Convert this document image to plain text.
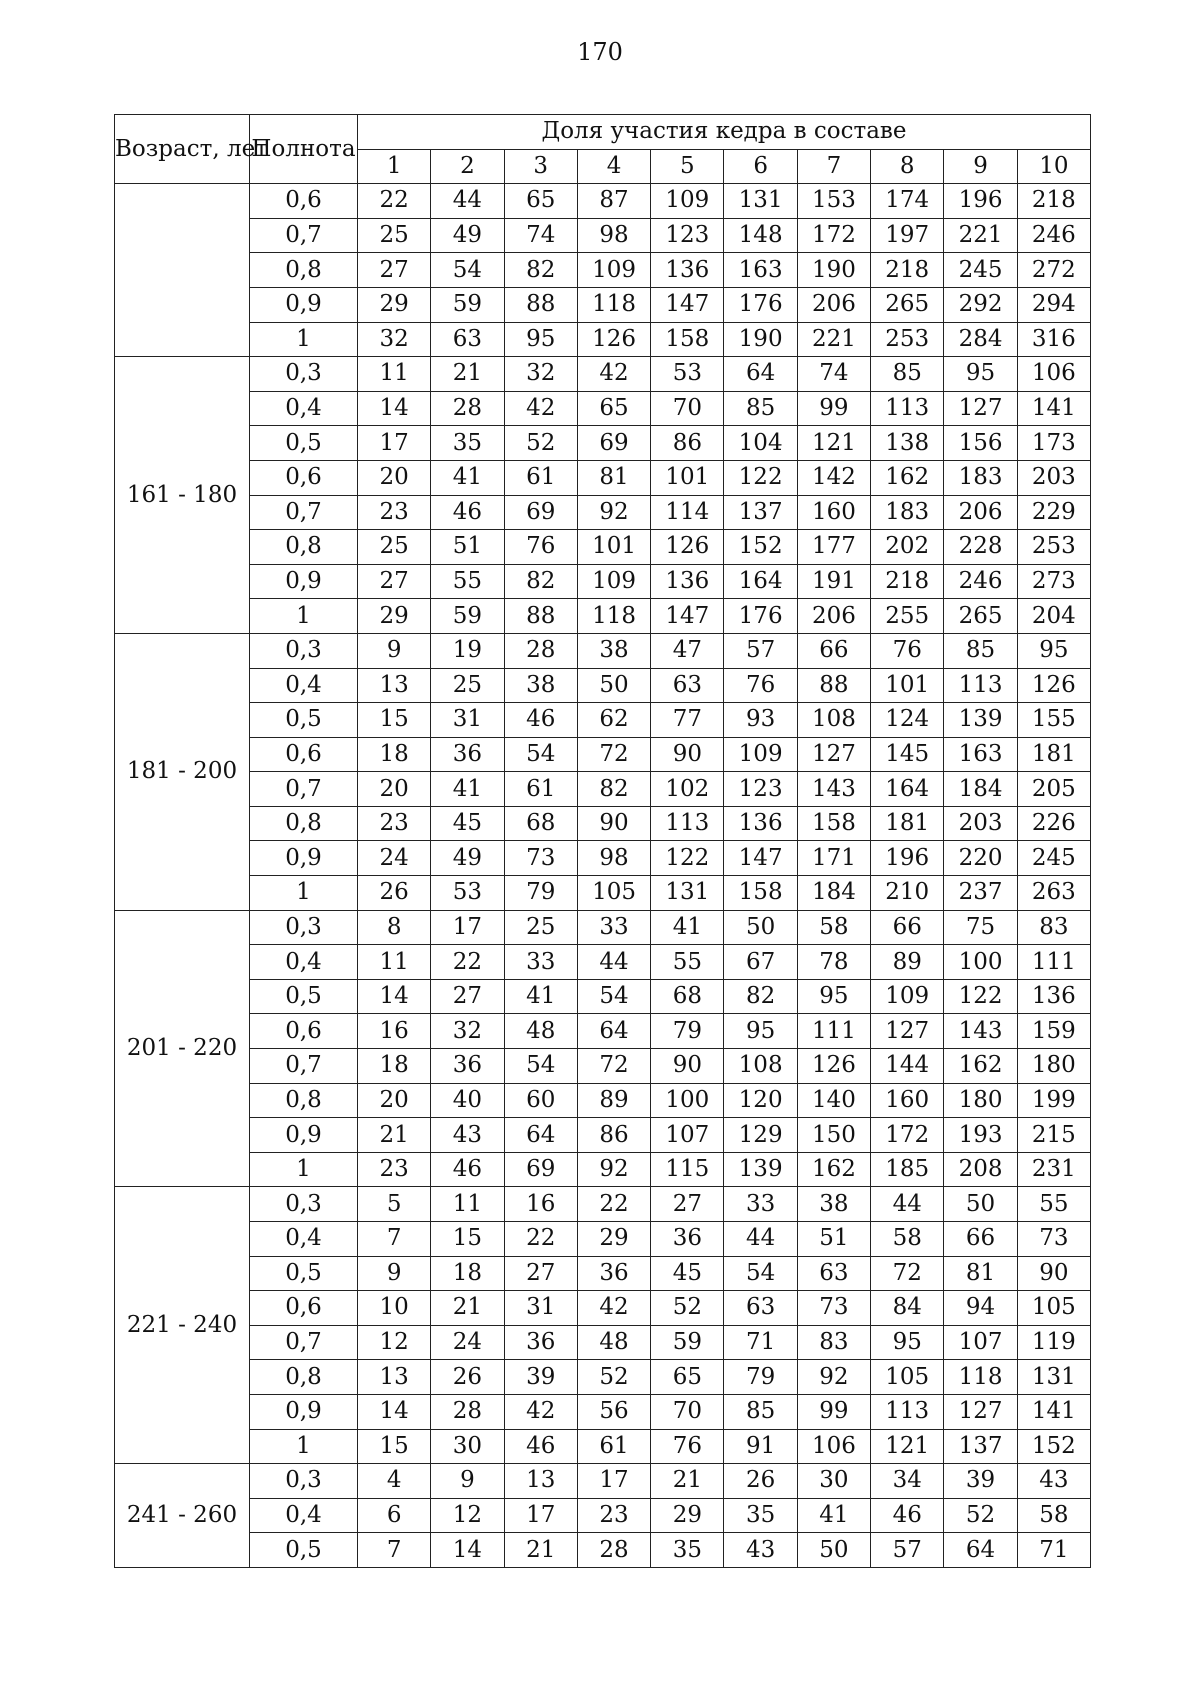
170
Возраст, лет	Полнота	Доля участия кедра в составе									
		1	2	3	4	5	6	7	8	9	10
	0,6	22	44	65	87	109	131	153	174	196	218
	0,7	25	49	74	98	123	148	172	197	221	246
	0,8	27	54	82	109	136	163	190	218	245	272
	0,9	29	59	88	118	147	176	206	265	292	294
	1	32	63	95	126	158	190	221	253	284	316
161 - 180	0,3	11	21	32	42	53	64	74	85	95	106
	0,4	14	28	42	65	70	85	99	113	127	141
	0,5	17	35	52	69	86	104	121	138	156	173
	0,6	20	41	61	81	101	122	142	162	183	203
	0,7	23	46	69	92	114	137	160	183	206	229
	0,8	25	51	76	101	126	152	177	202	228	253
	0,9	27	55	82	109	136	164	191	218	246	273
	1	29	59	88	118	147	176	206	255	265	204
181 - 200	0,3	9	19	28	38	47	57	66	76	85	95
	0,4	13	25	38	50	63	76	88	101	113	126
	0,5	15	31	46	62	77	93	108	124	139	155
	0,6	18	36	54	72	90	109	127	145	163	181
	0,7	20	41	61	82	102	123	143	164	184	205
	0,8	23	45	68	90	113	136	158	181	203	226
	0,9	24	49	73	98	122	147	171	196	220	245
	1	26	53	79	105	131	158	184	210	237	263
201 - 220	0,3	8	17	25	33	41	50	58	66	75	83
	0,4	11	22	33	44	55	67	78	89	100	111
	0,5	14	27	41	54	68	82	95	109	122	136
	0,6	16	32	48	64	79	95	111	127	143	159
	0,7	18	36	54	72	90	108	126	144	162	180
	0,8	20	40	60	89	100	120	140	160	180	199
	0,9	21	43	64	86	107	129	150	172	193	215
	1	23	46	69	92	115	139	162	185	208	231
221 - 240	0,3	5	11	16	22	27	33	38	44	50	55
	0,4	7	15	22	29	36	44	51	58	66	73
	0,5	9	18	27	36	45	54	63	72	81	90
	0,6	10	21	31	42	52	63	73	84	94	105
	0,7	12	24	36	48	59	71	83	95	107	119
	0,8	13	26	39	52	65	79	92	105	118	131
	0,9	14	28	42	56	70	85	99	113	127	141
	1	15	30	46	61	76	91	106	121	137	152
241 - 260	0,3	4	9	13	17	21	26	30	34	39	43
	0,4	6	12	17	23	29	35	41	46	52	58
	0,5	7	14	21	28	35	43	50	57	64	71
